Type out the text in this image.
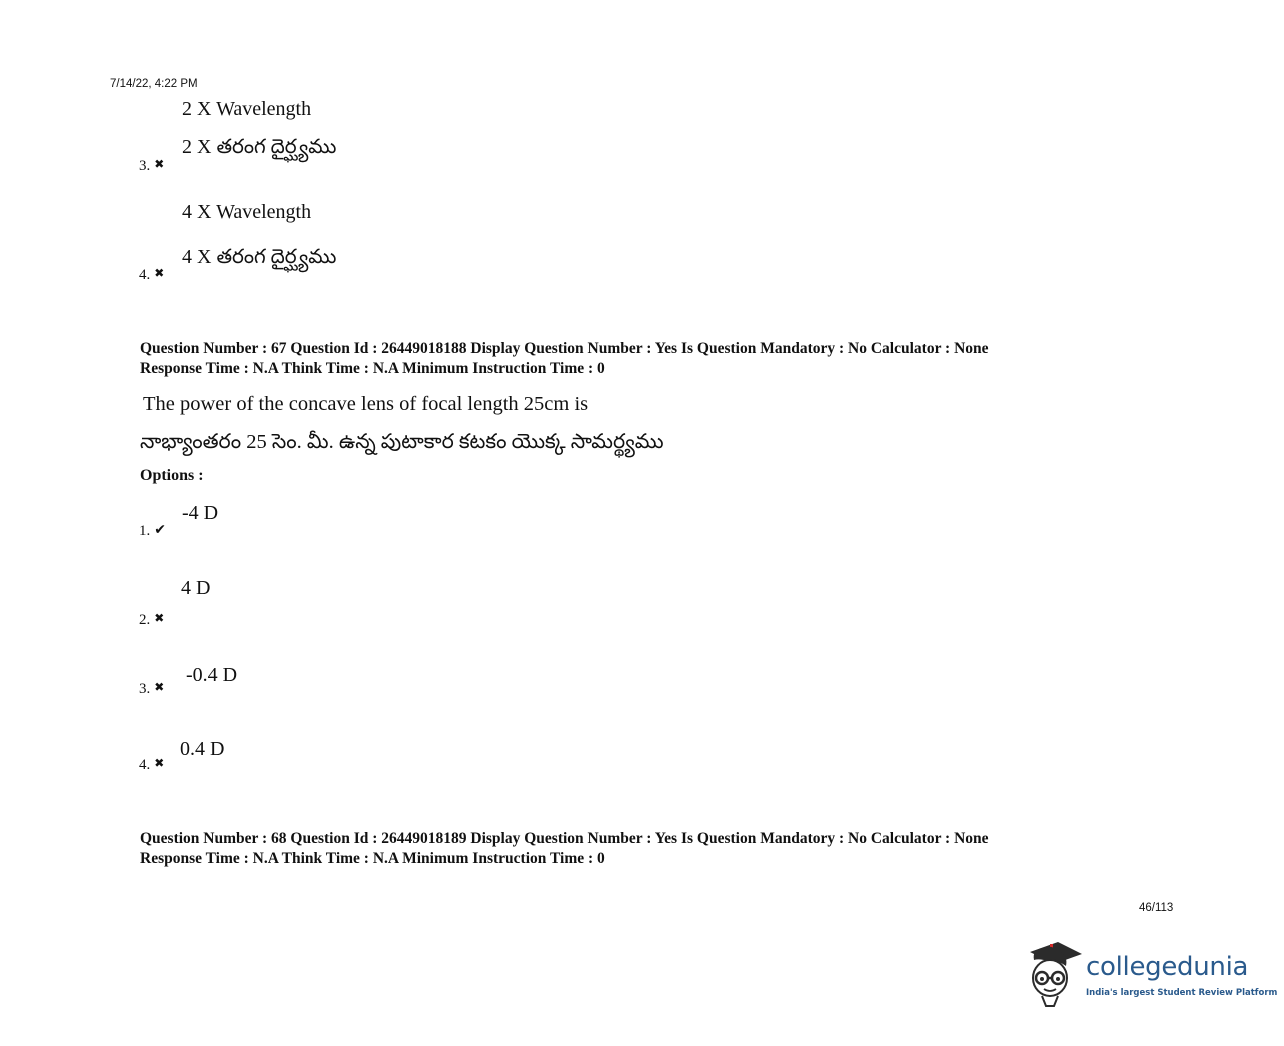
7/14/22, 4:22 PM
2 X Wavelength
2 X తరంగ దైర్ఘ్యము
3. ✖
4 X Wavelength
4 X తరంగ దైర్ఘ్యము
4. ✖
Question Number : 67 Question Id : 26449018188 Display Question Number : Yes Is Question Mandatory : No Calculator : None
Response Time : N.A Think Time : N.A Minimum Instruction Time : 0
The power of the concave lens of focal length 25cm is
నాభ్యాంతరం 25 సెం. మీ. ఉన్న పుటాకార కటకం యొక్క సామర్థ్యము
Options :
-4 D
1. ✔
4 D
2. ✖
-0.4 D
3. ✖
0.4 D
4. ✖
Question Number : 68 Question Id : 26449018189 Display Question Number : Yes Is Question Mandatory : No Calculator : None
Response Time : N.A Think Time : N.A Minimum Instruction Time : 0
46/113
collegedunia
India's largest Student Review Platform
